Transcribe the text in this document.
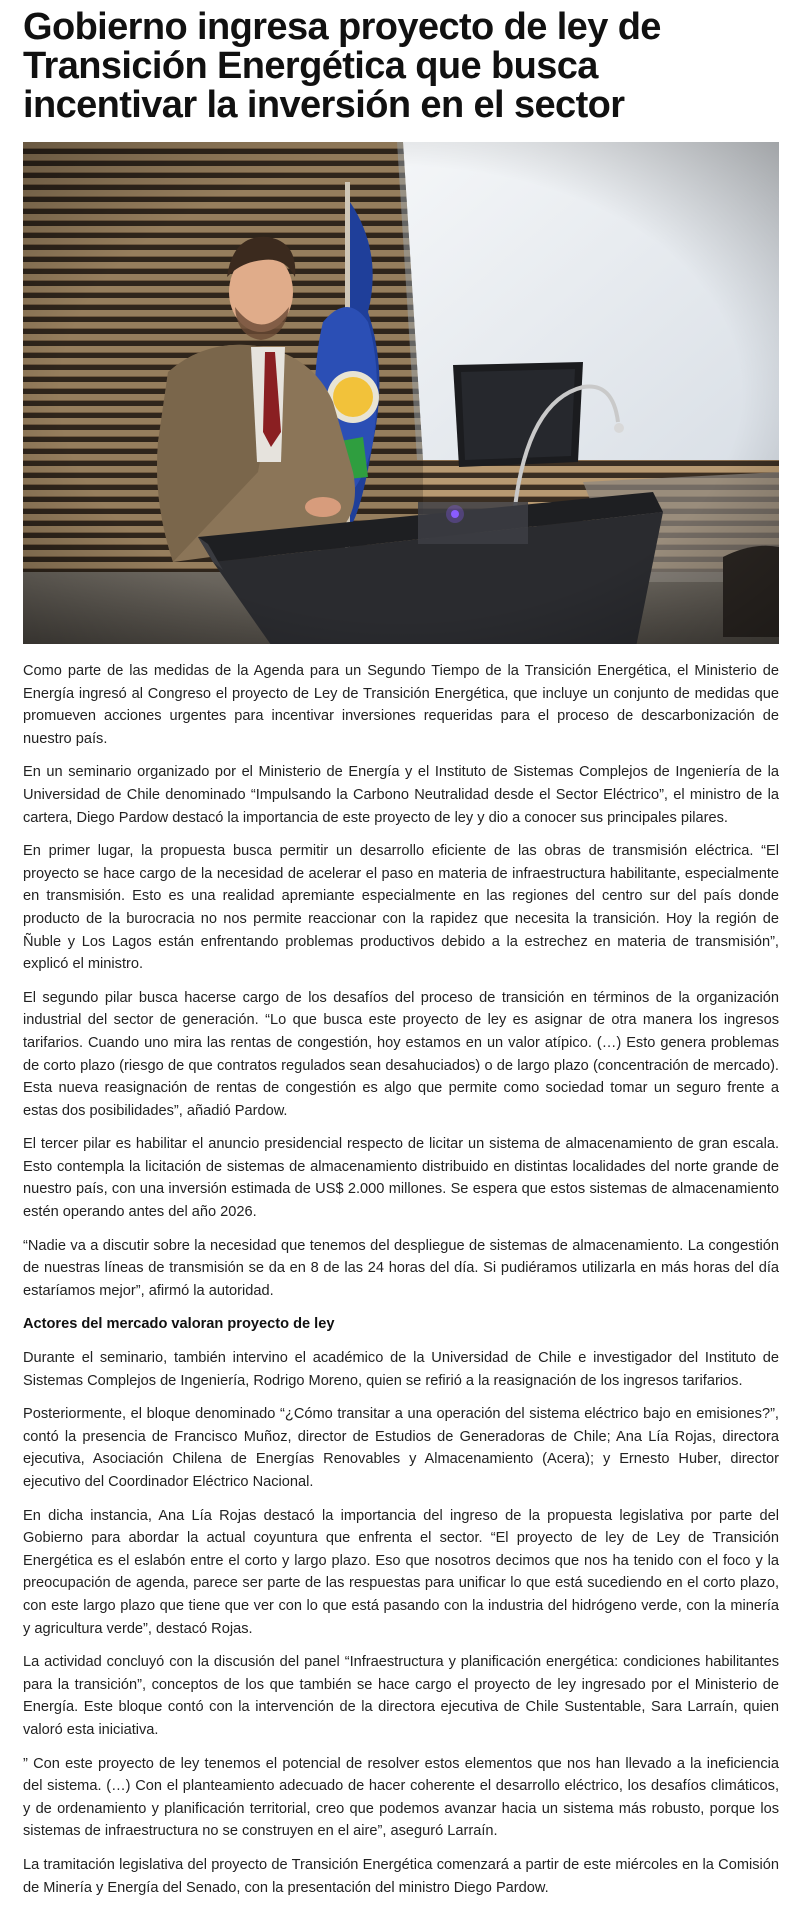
Gobierno ingresa proyecto de ley de Transición Energética que busca incentivar la inversión en el sector

Como parte de las medidas de la Agenda para un Segundo Tiempo de la Transición Energética, el Ministerio de Energía ingresó al Congreso el proyecto de Ley de Transición Energética, que incluye un conjunto de medidas que promueven acciones urgentes para incentivar inversiones requeridas para el proceso de descarbonización de nuestro país.

En un seminario organizado por el Ministerio de Energía y el Instituto de Sistemas Complejos de Ingeniería de la Universidad de Chile denominado “Impulsando la Carbono Neutralidad desde el Sector Eléctrico”, el ministro de la cartera, Diego Pardow destacó la importancia de este proyecto de ley y dio a conocer sus principales pilares.

En primer lugar, la propuesta busca permitir un desarrollo eficiente de las obras de transmisión eléctrica. “El proyecto se hace cargo de la necesidad de acelerar el paso en materia de infraestructura habilitante, especialmente en transmisión. Esto es una realidad apremiante especialmente en las regiones del centro sur del país donde producto de la burocracia no nos permite reaccionar con la rapidez que necesita la transición. Hoy la región de Ñuble y Los Lagos están enfrentando problemas productivos debido a la estrechez en materia de transmisión”, explicó el ministro.

El segundo pilar busca hacerse cargo de los desafíos del proceso de transición en términos de la organización industrial del sector de generación. “Lo que busca este proyecto de ley es asignar de otra manera los ingresos tarifarios. Cuando uno mira las rentas de congestión, hoy estamos en un valor atípico. (…) Esto genera problemas de corto plazo (riesgo de que contratos regulados sean desahuciados) o de largo plazo (concentración de mercado). Esta nueva reasignación de rentas de congestión es algo que permite como sociedad tomar un seguro frente a estas dos posibilidades”, añadió Pardow.

El tercer pilar es habilitar el anuncio presidencial respecto de licitar un sistema de almacenamiento de gran escala. Esto contempla la licitación de sistemas de almacenamiento distribuido en distintas localidades del norte grande de nuestro país, con una inversión estimada de US$ 2.000 millones. Se espera que estos sistemas de almacenamiento estén operando antes del año 2026.

“Nadie va a discutir sobre la necesidad que tenemos del despliegue de sistemas de almacenamiento. La congestión de nuestras líneas de transmisión se da en 8 de las 24 horas del día. Si pudiéramos utilizarla en más horas del día estaríamos mejor”, afirmó la autoridad.

Actores del mercado valoran proyecto de ley

Durante el seminario, también intervino el académico de la Universidad de Chile e investigador del Instituto de Sistemas Complejos de Ingeniería, Rodrigo Moreno, quien se refirió a la reasignación de los ingresos tarifarios.

Posteriormente, el bloque denominado “¿Cómo transitar a una operación del sistema eléctrico bajo en emisiones?”, contó la presencia de Francisco Muñoz, director de Estudios de Generadoras de Chile; Ana Lía Rojas, directora ejecutiva, Asociación Chilena de Energías Renovables y Almacenamiento (Acera); y Ernesto Huber, director ejecutivo del Coordinador Eléctrico Nacional.

En dicha instancia, Ana Lía Rojas destacó la importancia del ingreso de la propuesta legislativa por parte del Gobierno para abordar la actual coyuntura que enfrenta el sector. “El proyecto de ley de Ley de Transición Energética es el eslabón entre el corto y largo plazo. Eso que nosotros decimos que nos ha tenido con el foco y la preocupación de agenda, parece ser parte de las respuestas para unificar lo que está sucediendo en el corto plazo, con este largo plazo que tiene que ver con lo que está pasando con la industria del hidrógeno verde, con la minería y agricultura verde”, destacó Rojas.

La actividad concluyó con la discusión del panel “Infraestructura y planificación energética: condiciones habilitantes para la transición”, conceptos de los que también se hace cargo el proyecto de ley ingresado por el Ministerio de Energía. Este bloque contó con la intervención de la directora ejecutiva de Chile Sustentable, Sara Larraín, quien valoró esta iniciativa.

” Con este proyecto de ley tenemos el potencial de resolver estos elementos que nos han llevado a la ineficiencia del sistema. (…) Con el planteamiento adecuado de hacer coherente el desarrollo eléctrico, los desafíos climáticos, y de ordenamiento y planificación territorial, creo que podemos avanzar hacia un sistema más robusto, porque los sistemas de infraestructura no se construyen en el aire”, aseguró Larraín.

La tramitación legislativa del proyecto de Transición Energética comenzará a partir de este miércoles en la Comisión de Minería y Energía del Senado, con la presentación del ministro Diego Pardow.
